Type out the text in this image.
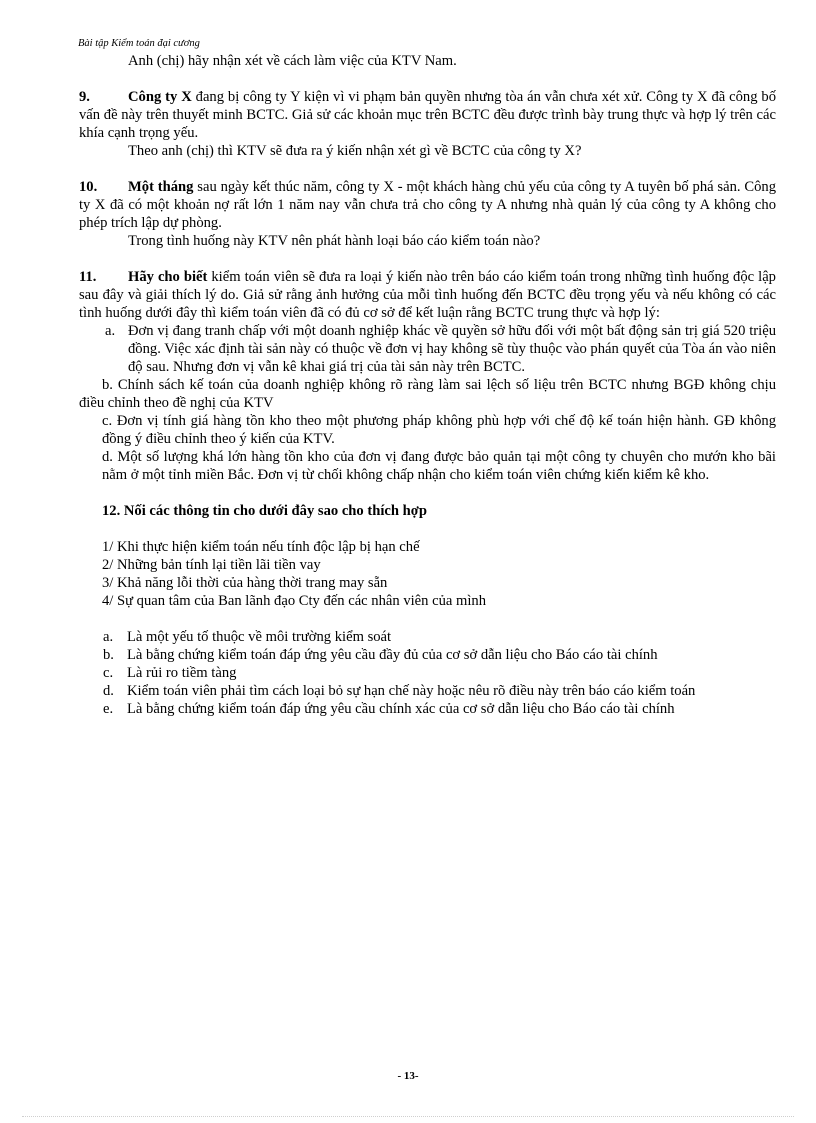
Bài tập Kiểm toán đại cương

Anh (chị) hãy nhận xét về cách làm việc của KTV Nam.

9.	Công ty X đang bị công ty Y kiện vì vi phạm bản quyền nhưng tòa án vẫn chưa xét xử. Công ty X đã công bố vấn đề này trên thuyết minh BCTC. Giả sử các khoản mục trên BCTC đều được trình bày trung thực và hợp lý trên các khía cạnh trọng yếu.

Theo anh (chị) thì KTV sẽ đưa ra ý kiến nhận xét gì về BCTC của công ty X?

10. Một tháng sau ngày kết thúc năm, công ty X - một khách hàng chủ yếu của công ty A tuyên bố phá sản. Công ty X đã có một khoản nợ rất lớn 1 năm nay vẫn chưa trả cho công ty A nhưng nhà quản lý của công ty A không cho phép trích lập dự phòng.

Trong tình huống này KTV nên phát hành loại báo cáo kiểm toán nào?

11. Hãy cho biết kiểm toán viên sẽ đưa ra loại ý kiến nào trên báo cáo kiểm toán trong những tình huống độc lập sau đây và giải thích lý do. Giả sử rằng ảnh hưởng của mỗi tình huống đến BCTC đều trọng yếu và nếu không có các tình huống dưới đây thì kiểm toán viên đã có đủ cơ sở để kết luận rằng BCTC trung thực và hợp lý:

a. Đơn vị đang tranh chấp với một doanh nghiệp khác về quyền sở hữu đối với một bất động sản trị giá 520 triệu đồng. Việc xác định tài sản này có thuộc về đơn vị hay không sẽ tùy thuộc vào phán quyết của Tòa án vào niên độ sau. Nhưng đơn vị vẫn kê khai giá trị của tài sản này trên BCTC.

b. Chính sách kế toán của doanh nghiệp không rõ ràng làm sai lệch số liệu trên BCTC nhưng BGĐ không chịu điều chỉnh theo đề nghị của KTV

c. Đơn vị tính giá hàng tồn kho theo một phương pháp không phù hợp với chế độ kế toán hiện hành. GĐ không đồng ý điều chỉnh theo ý kiến của KTV.

d. Một số lượng khá lớn hàng tồn kho của đơn vị đang được bảo quản tại một công ty chuyên cho mướn kho bãi nằm ở một tỉnh miền Bắc. Đơn vị từ chối không chấp nhận cho kiểm toán viên chứng kiến kiểm kê kho.

12. Nối các thông tin cho dưới đây sao cho thích hợp

1/ Khi thực hiện kiểm toán nếu tính độc lập bị hạn chế

2/ Những bản tính lại tiền lãi tiền vay

3/ Khả năng lỗi thời của hàng thời trang may sẵn

4/ Sự quan tâm của Ban lãnh đạo Cty đến các nhân viên của mình

a. Là một yếu tố thuộc về môi trường kiểm soát
b. Là bằng chứng kiểm toán đáp ứng yêu cầu đầy đủ của cơ sở dẫn liệu cho Báo cáo tài chính
c. Là rủi ro tiềm tàng
d. Kiểm toán viên phải tìm cách loại bỏ sự hạn chế này hoặc nêu rõ điều này trên báo cáo kiểm toán
e. Là bằng chứng kiểm toán đáp ứng yêu cầu chính xác của cơ sở dẫn liệu cho Báo cáo tài chính
- 13-
